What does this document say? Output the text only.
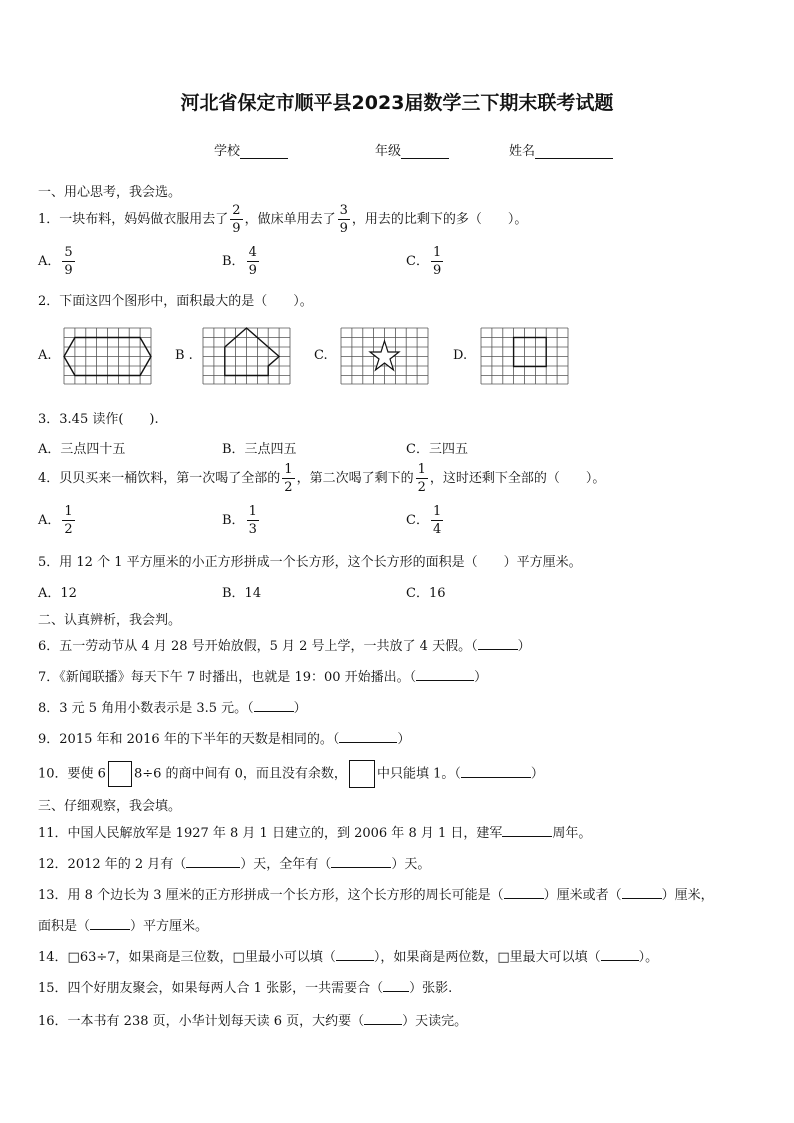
河北省保定市顺平县2023届数学三下期末联考试题
学校	年级	姓名
一、用心思考，我会选。
1．一块布料，妈妈做衣服用去了 $\frac{2}{9}$ ，做床单用去了 $\frac{3}{9}$ ，用去的比剩下的多（　　）。
A． $\frac{5}{9}$	B． $\frac{4}{9}$	C． $\frac{1}{9}$
2．下面这四个图形中，面积最大的是（　　）。
A.	B .	C.	D.
3．3.45 读作(　　).
A．三点四十五	B．三点四五	C．三四五
4．贝贝买来一桶饮料，第一次喝了全部的 $\frac{1}{2}$ ，第二次喝了剩下的 $\frac{1}{2}$ ，这时还剩下全部的（　　）。
A． $\frac{1}{2}$	B． $\frac{1}{3}$	C． $\frac{1}{4}$
5．用 12 个 1 平方厘米的小正方形拼成一个长方形，这个长方形的面积是（　　）平方厘米。
A．12	B．14	C．16
二、认真辨析，我会判。
6．五一劳动节从 4 月 28 号开始放假，5 月 2 号上学，一共放了 4 天假。（	）
7．《新闻联播》每天下午 7 时播出，也就是 19：00 开始播出。（	）
8．3 元 5 角用小数表示是 3.5 元。（	）
9．2015 年和 2016 年的下半年的天数是相同的。（	）
10．要使 6 8÷6 的商中间有 0，而且没有余数， 中只能填 1。（	）
三、仔细观察，我会填。
11．中国人民解放军是 1927 年 8 月 1 日建立的，到 2006 年 8 月 1 日，建军	周年。
12．2012 年的 2 月有（	）天，全年有（	）天。
13．用 8 个边长为 3 厘米的正方形拼成一个长方形，这个长方形的周长可能是（	）厘米或者（	）厘米，
面积是（	）平方厘米。
14．□63÷7，如果商是三位数，□里最小可以填（	），如果商是两位数，□里最大可以填（	）。
15．四个好朋友聚会，如果每两人合 1 张影，一共需要合（ ）张影.
16．一本书有 238 页，小华计划每天读 6 页，大约要（	）天读完。
